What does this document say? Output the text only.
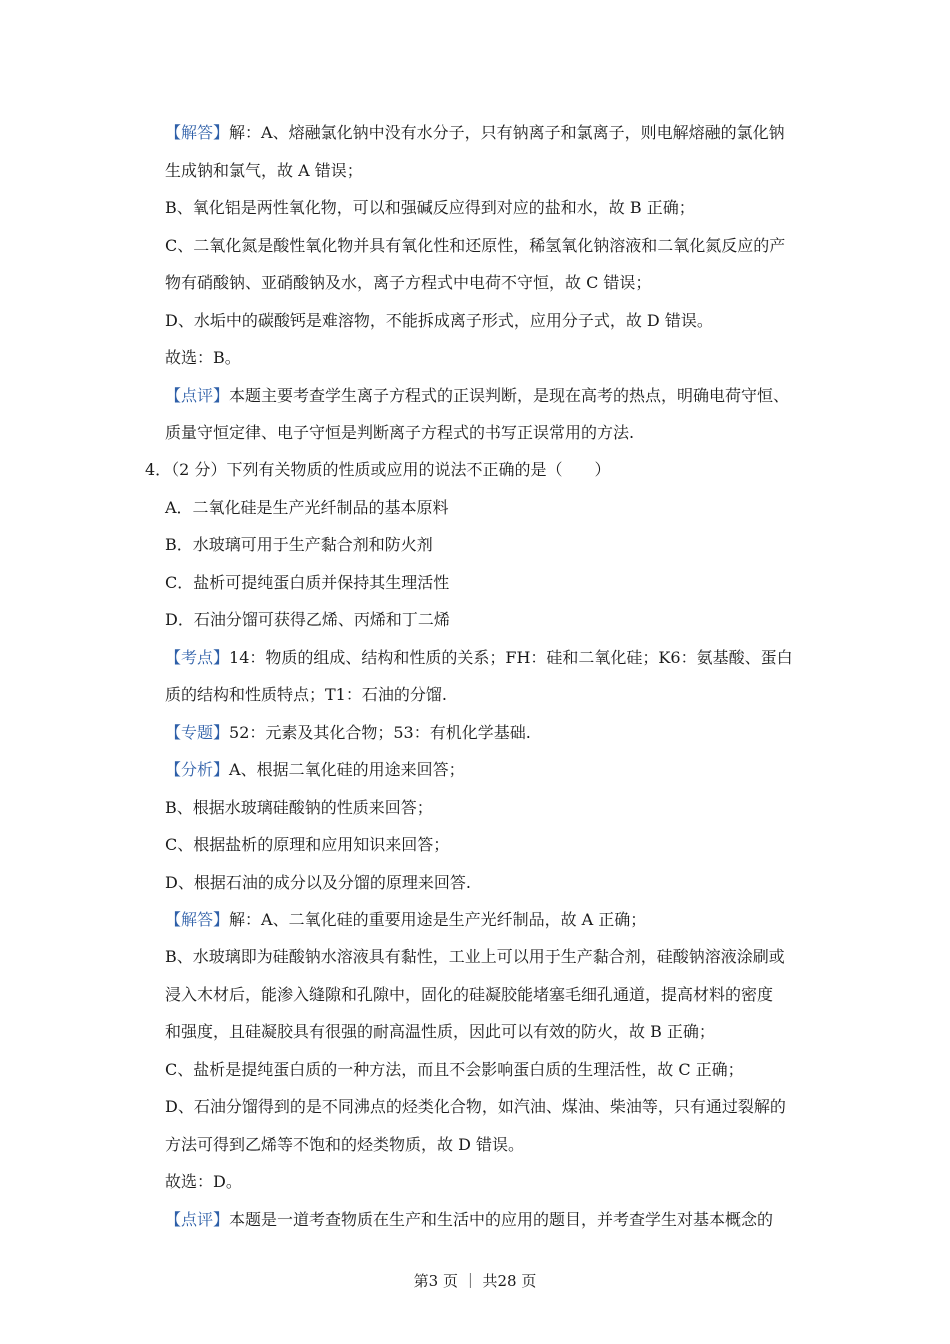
【解答】解：A、熔融氯化钠中没有水分子，只有钠离子和氯离子，则电解熔融的氯化钠
生成钠和氯气，故 A 错误；
B、氧化铝是两性氧化物，可以和强碱反应得到对应的盐和水，故 B 正确；
C、二氧化氮是酸性氧化物并具有氧化性和还原性，稀氢氧化钠溶液和二氧化氮反应的产
物有硝酸钠、亚硝酸钠及水，离子方程式中电荷不守恒，故 C 错误；
D、水垢中的碳酸钙是难溶物，不能拆成离子形式，应用分子式，故 D 错误。
故选：B。
【点评】本题主要考查学生离子方程式的正误判断，是现在高考的热点，明确电荷守恒、
质量守恒定律、电子守恒是判断离子方程式的书写正误常用的方法.
4．（2 分）下列有关物质的性质或应用的说法不正确的是（　　）
A．二氧化硅是生产光纤制品的基本原料
B．水玻璃可用于生产黏合剂和防火剂
C．盐析可提纯蛋白质并保持其生理活性
D．石油分馏可获得乙烯、丙烯和丁二烯
【考点】14：物质的组成、结构和性质的关系；FH：硅和二氧化硅；K6：氨基酸、蛋白
质的结构和性质特点；T1：石油的分馏.
【专题】52：元素及其化合物；53：有机化学基础.
【分析】A、根据二氧化硅的用途来回答；
B、根据水玻璃硅酸钠的性质来回答；
C、根据盐析的原理和应用知识来回答；
D、根据石油的成分以及分馏的原理来回答.
【解答】解：A、二氧化硅的重要用途是生产光纤制品，故 A 正确；
B、水玻璃即为硅酸钠水溶液具有黏性，工业上可以用于生产黏合剂，硅酸钠溶液涂刷或
浸入木材后，能渗入缝隙和孔隙中，固化的硅凝胶能堵塞毛细孔通道，提高材料的密度
和强度，且硅凝胶具有很强的耐高温性质，因此可以有效的防火，故 B 正确；
C、盐析是提纯蛋白质的一种方法，而且不会影响蛋白质的生理活性，故 C 正确；
D、石油分馏得到的是不同沸点的烃类化合物，如汽油、煤油、柴油等，只有通过裂解的
方法可得到乙烯等不饱和的烃类物质，故 D 错误。
故选：D。
【点评】本题是一道考查物质在生产和生活中的应用的题目，并考查学生对基本概念的
第3 页 ｜ 共28 页
